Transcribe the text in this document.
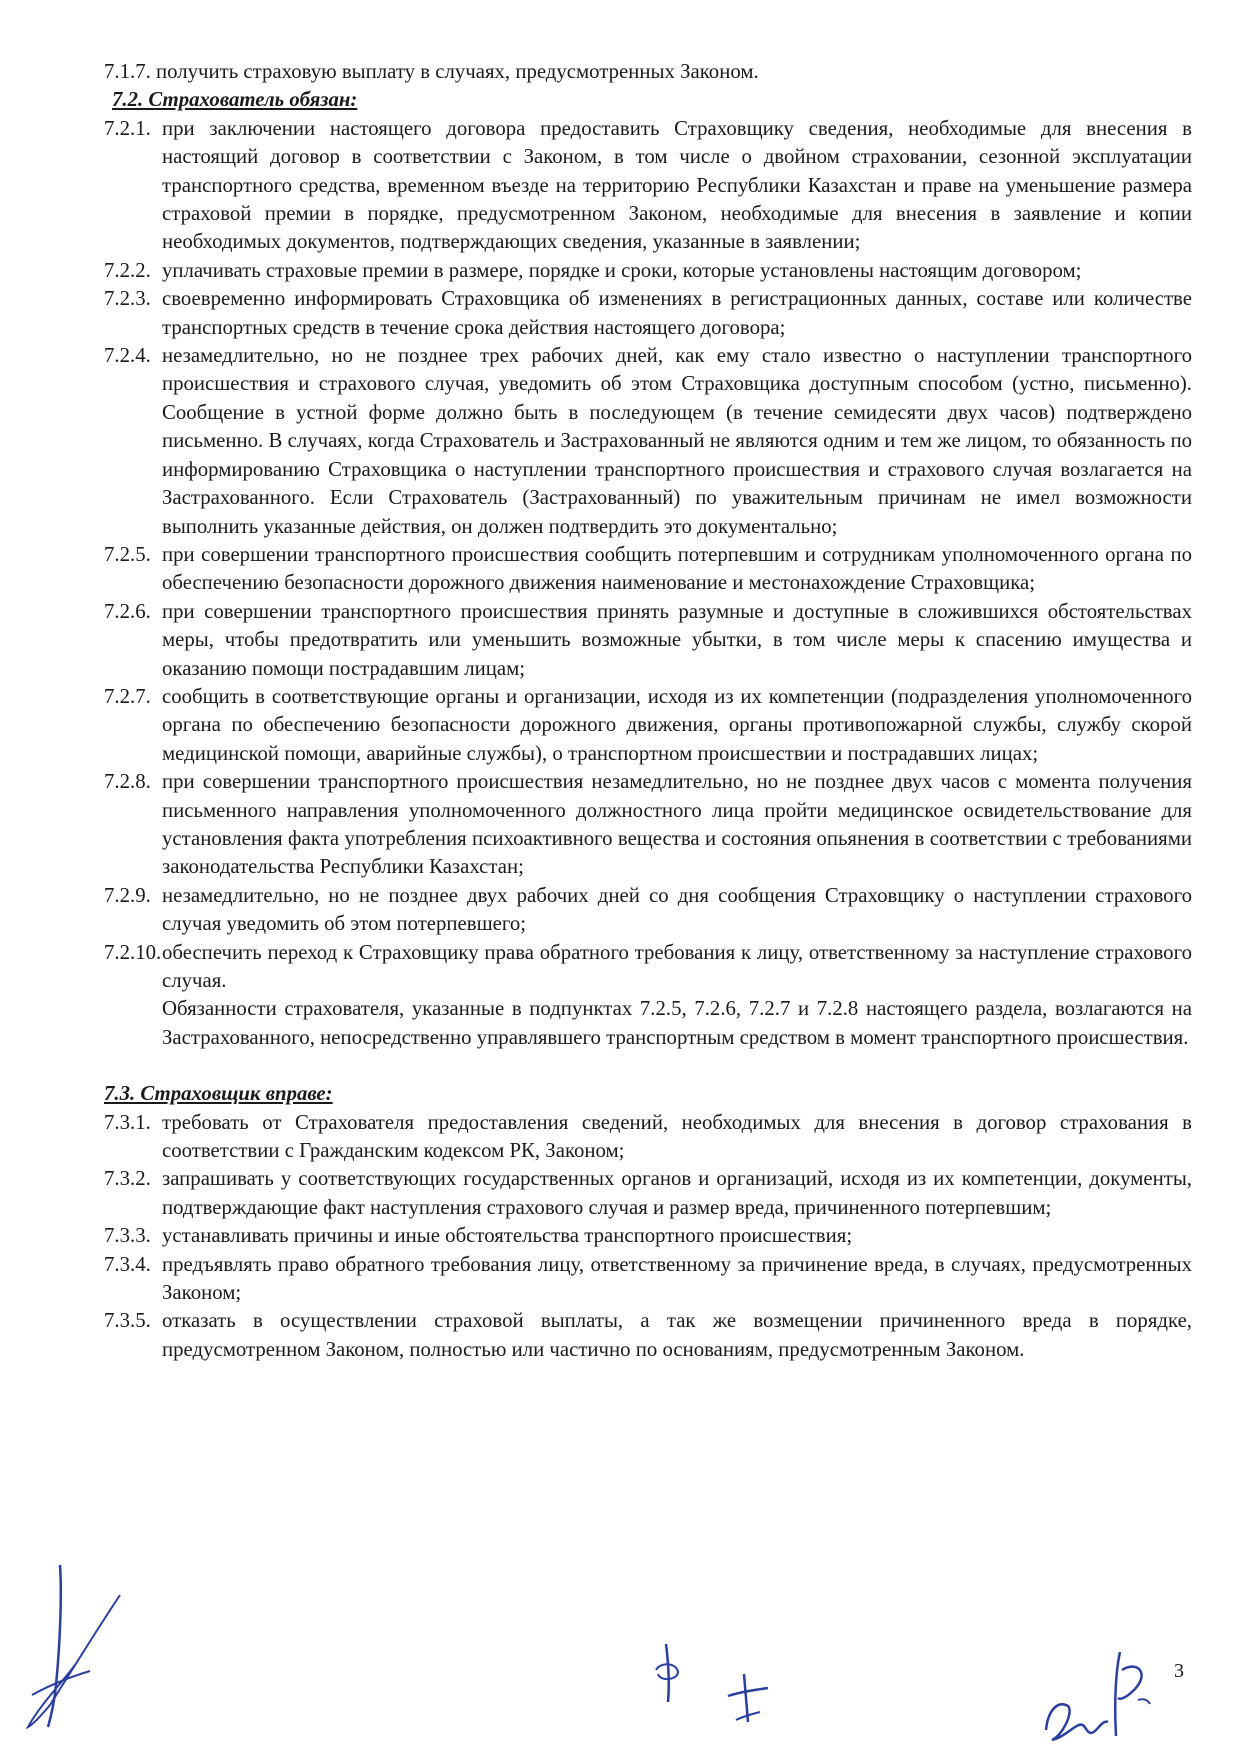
7.1.7. получить страховую выплату в случаях, предусмотренных Законом.

7.2. Страхователь обязан:

7.2.1. при заключении настоящего договора предоставить Страховщику сведения, необходимые для внесения в настоящий договор в соответствии с Законом, в том числе о двойном страховании, сезонной эксплуатации транспортного средства, временном въезде на территорию Республики Казахстан и праве на уменьшение размера страховой премии в порядке, предусмотренном Законом, необходимые для внесения в заявление и копии необходимых документов, подтверждающих сведения, указанные в заявлении;

7.2.2. уплачивать страховые премии в размере, порядке и сроки, которые установлены настоящим договором;

7.2.3. своевременно информировать Страховщика об изменениях в регистрационных данных, составе или количестве транспортных средств в течение срока действия настоящего договора;

7.2.4. незамедлительно, но не позднее трех рабочих дней, как ему стало известно о наступлении транспортного происшествия и страхового случая, уведомить об этом Страховщика доступным способом (устно, письменно). Сообщение в устной форме должно быть в последующем (в течение семидесяти двух часов) подтверждено письменно. В случаях, когда Страхователь и Застрахованный не являются одним и тем же лицом, то обязанность по информированию Страховщика о наступлении транспортного происшествия и страхового случая возлагается на Застрахованного. Если Страхователь (Застрахованный) по уважительным причинам не имел возможности выполнить указанные действия, он должен подтвердить это документально;

7.2.5. при совершении транспортного происшествия сообщить потерпевшим и сотрудникам уполномоченного органа по обеспечению безопасности дорожного движения наименование и местонахождение Страховщика;

7.2.6. при совершении транспортного происшествия принять разумные и доступные в сложившихся обстоятельствах меры, чтобы предотвратить или уменьшить возможные убытки, в том числе меры к спасению имущества и оказанию помощи пострадавшим лицам;

7.2.7. сообщить в соответствующие органы и организации, исходя из их компетенции (подразделения уполномоченного органа по обеспечению безопасности дорожного движения, органы противопожарной службы, службу скорой медицинской помощи, аварийные службы), о транспортном происшествии и пострадавших лицах;

7.2.8. при совершении транспортного происшествия незамедлительно, но не позднее двух часов с момента получения письменного направления уполномоченного должностного лица пройти медицинское освидетельствование для установления факта употребления психоактивного вещества и состояния опьянения в соответствии с требованиями законодательства Республики Казахстан;

7.2.9. незамедлительно, но не позднее двух рабочих дней со дня сообщения Страховщику о наступлении страхового случая уведомить об этом потерпевшего;

7.2.10. обеспечить переход к Страховщику права обратного требования к лицу, ответственному за наступление страхового случая.

Обязанности страхователя, указанные в подпунктах 7.2.5, 7.2.6, 7.2.7 и 7.2.8 настоящего раздела, возлагаются на Застрахованного, непосредственно управлявшего транспортным средством в момент транспортного происшествия.

7.3. Страховщик вправе:

7.3.1. требовать от Страхователя предоставления сведений, необходимых для внесения в договор страхования в соответствии с Гражданским кодексом РК, Законом;

7.3.2. запрашивать у соответствующих государственных органов и организаций, исходя из их компетенции, документы, подтверждающие факт наступления страхового случая и размер вреда, причиненного потерпевшим;

7.3.3. устанавливать причины и иные обстоятельства транспортного происшествия;

7.3.4. предъявлять право обратного требования лицу, ответственному за причинение вреда, в случаях, предусмотренных Законом;

7.3.5. отказать в осуществлении страховой выплаты, а так же возмещении причиненного вреда в порядке, предусмотренном Законом, полностью или частично по основаниям, предусмотренным Законом.

3
